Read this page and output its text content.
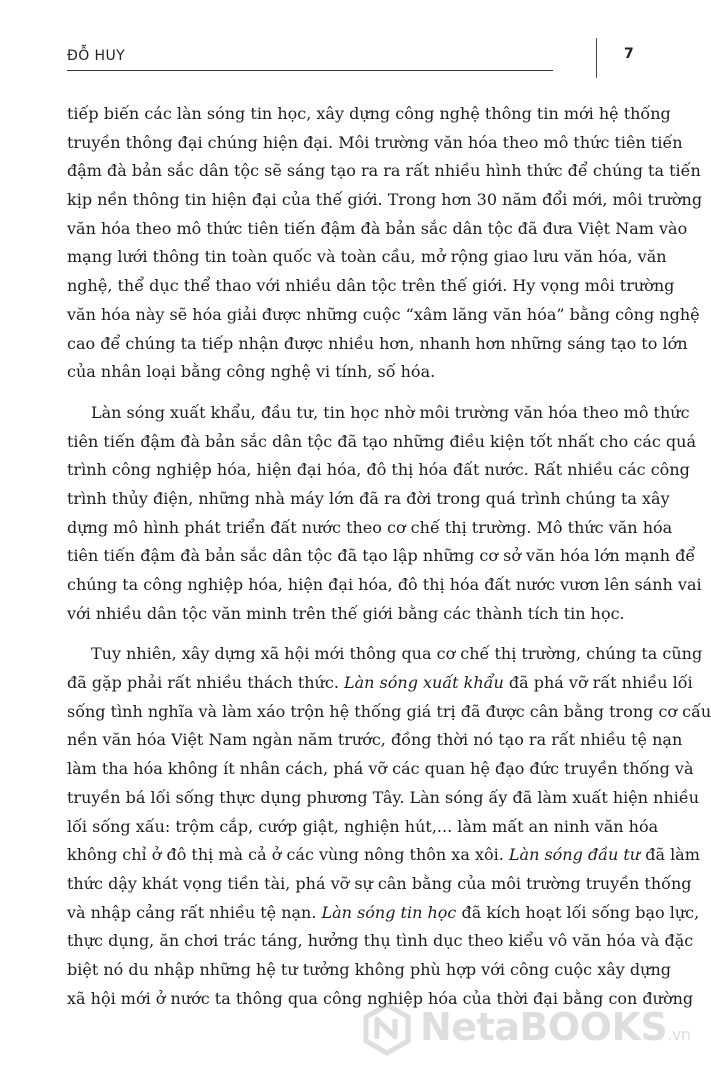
ĐỖ HUY	7
tiếp biến các làn sóng tin học, xây dựng công nghệ thông tin mới hệ thống
truyền thông đại chúng hiện đại. Môi trường văn hóa theo mô thức tiên tiến
đậm đà bản sắc dân tộc sẽ sáng tạo ra ra rất nhiều hình thức để chúng ta tiến
kịp nền thông tin hiện đại của thế giới. Trong hơn 30 năm đổi mới, môi trường
văn hóa theo mô thức tiên tiến đậm đà bản sắc dân tộc đã đưa Việt Nam vào
mạng lưới thông tin toàn quốc và toàn cầu, mở rộng giao lưu văn hóa, văn
nghệ, thể dục thể thao với nhiều dân tộc trên thế giới. Hy vọng môi trường
văn hóa này sẽ hóa giải được những cuộc “xâm lăng văn hóa” bằng công nghệ
cao để chúng ta tiếp nhận được nhiều hơn, nhanh hơn những sáng tạo to lớn
của nhân loại bằng công nghệ vi tính, số hóa.
Làn sóng xuất khẩu, đầu tư, tin học nhờ môi trường văn hóa theo mô thức
tiên tiến đậm đà bản sắc dân tộc đã tạo những điều kiện tốt nhất cho các quá
trình công nghiệp hóa, hiện đại hóa, đô thị hóa đất nước. Rất nhiều các công
trình thủy điện, những nhà máy lớn đã ra đời trong quá trình chúng ta xây
dựng mô hình phát triển đất nước theo cơ chế thị trường. Mô thức văn hóa
tiên tiến đậm đà bản sắc dân tộc đã tạo lập những cơ sở văn hóa lớn mạnh để
chúng ta công nghiệp hóa, hiện đại hóa, đô thị hóa đất nước vươn lên sánh vai
với nhiều dân tộc văn minh trên thế giới bằng các thành tích tin học.
Tuy nhiên, xây dựng xã hội mới thông qua cơ chế thị trường, chúng ta cũng
đã gặp phải rất nhiều thách thức. Làn sóng xuất khẩu đã phá vỡ rất nhiều lối
sống tình nghĩa và làm xáo trộn hệ thống giá trị đã được cân bằng trong cơ cấu
nền văn hóa Việt Nam ngàn năm trước, đồng thời nó tạo ra rất nhiều tệ nạn
làm tha hóa không ít nhân cách, phá vỡ các quan hệ đạo đức truyền thống và
truyền bá lối sống thực dụng phương Tây. Làn sóng ấy đã làm xuất hiện nhiều
lối sống xấu: trộm cắp, cướp giật, nghiện hút,... làm mất an ninh văn hóa
không chỉ ở đô thị mà cả ở các vùng nông thôn xa xôi. Làn sóng đầu tư đã làm
thức dậy khát vọng tiền tài, phá vỡ sự cân bằng của môi trường truyền thống
và nhập cảng rất nhiều tệ nạn. Làn sóng tin học đã kích hoạt lối sống bạo lực,
thực dụng, ăn chơi trác táng, hưởng thụ tình dục theo kiểu vô văn hóa và đặc
biệt nó du nhập những hệ tư tưởng không phù hợp với công cuộc xây dựng
xã hội mới ở nước ta thông qua công nghiệp hóa của thời đại bằng con đường
NetaBOOKS.vn
